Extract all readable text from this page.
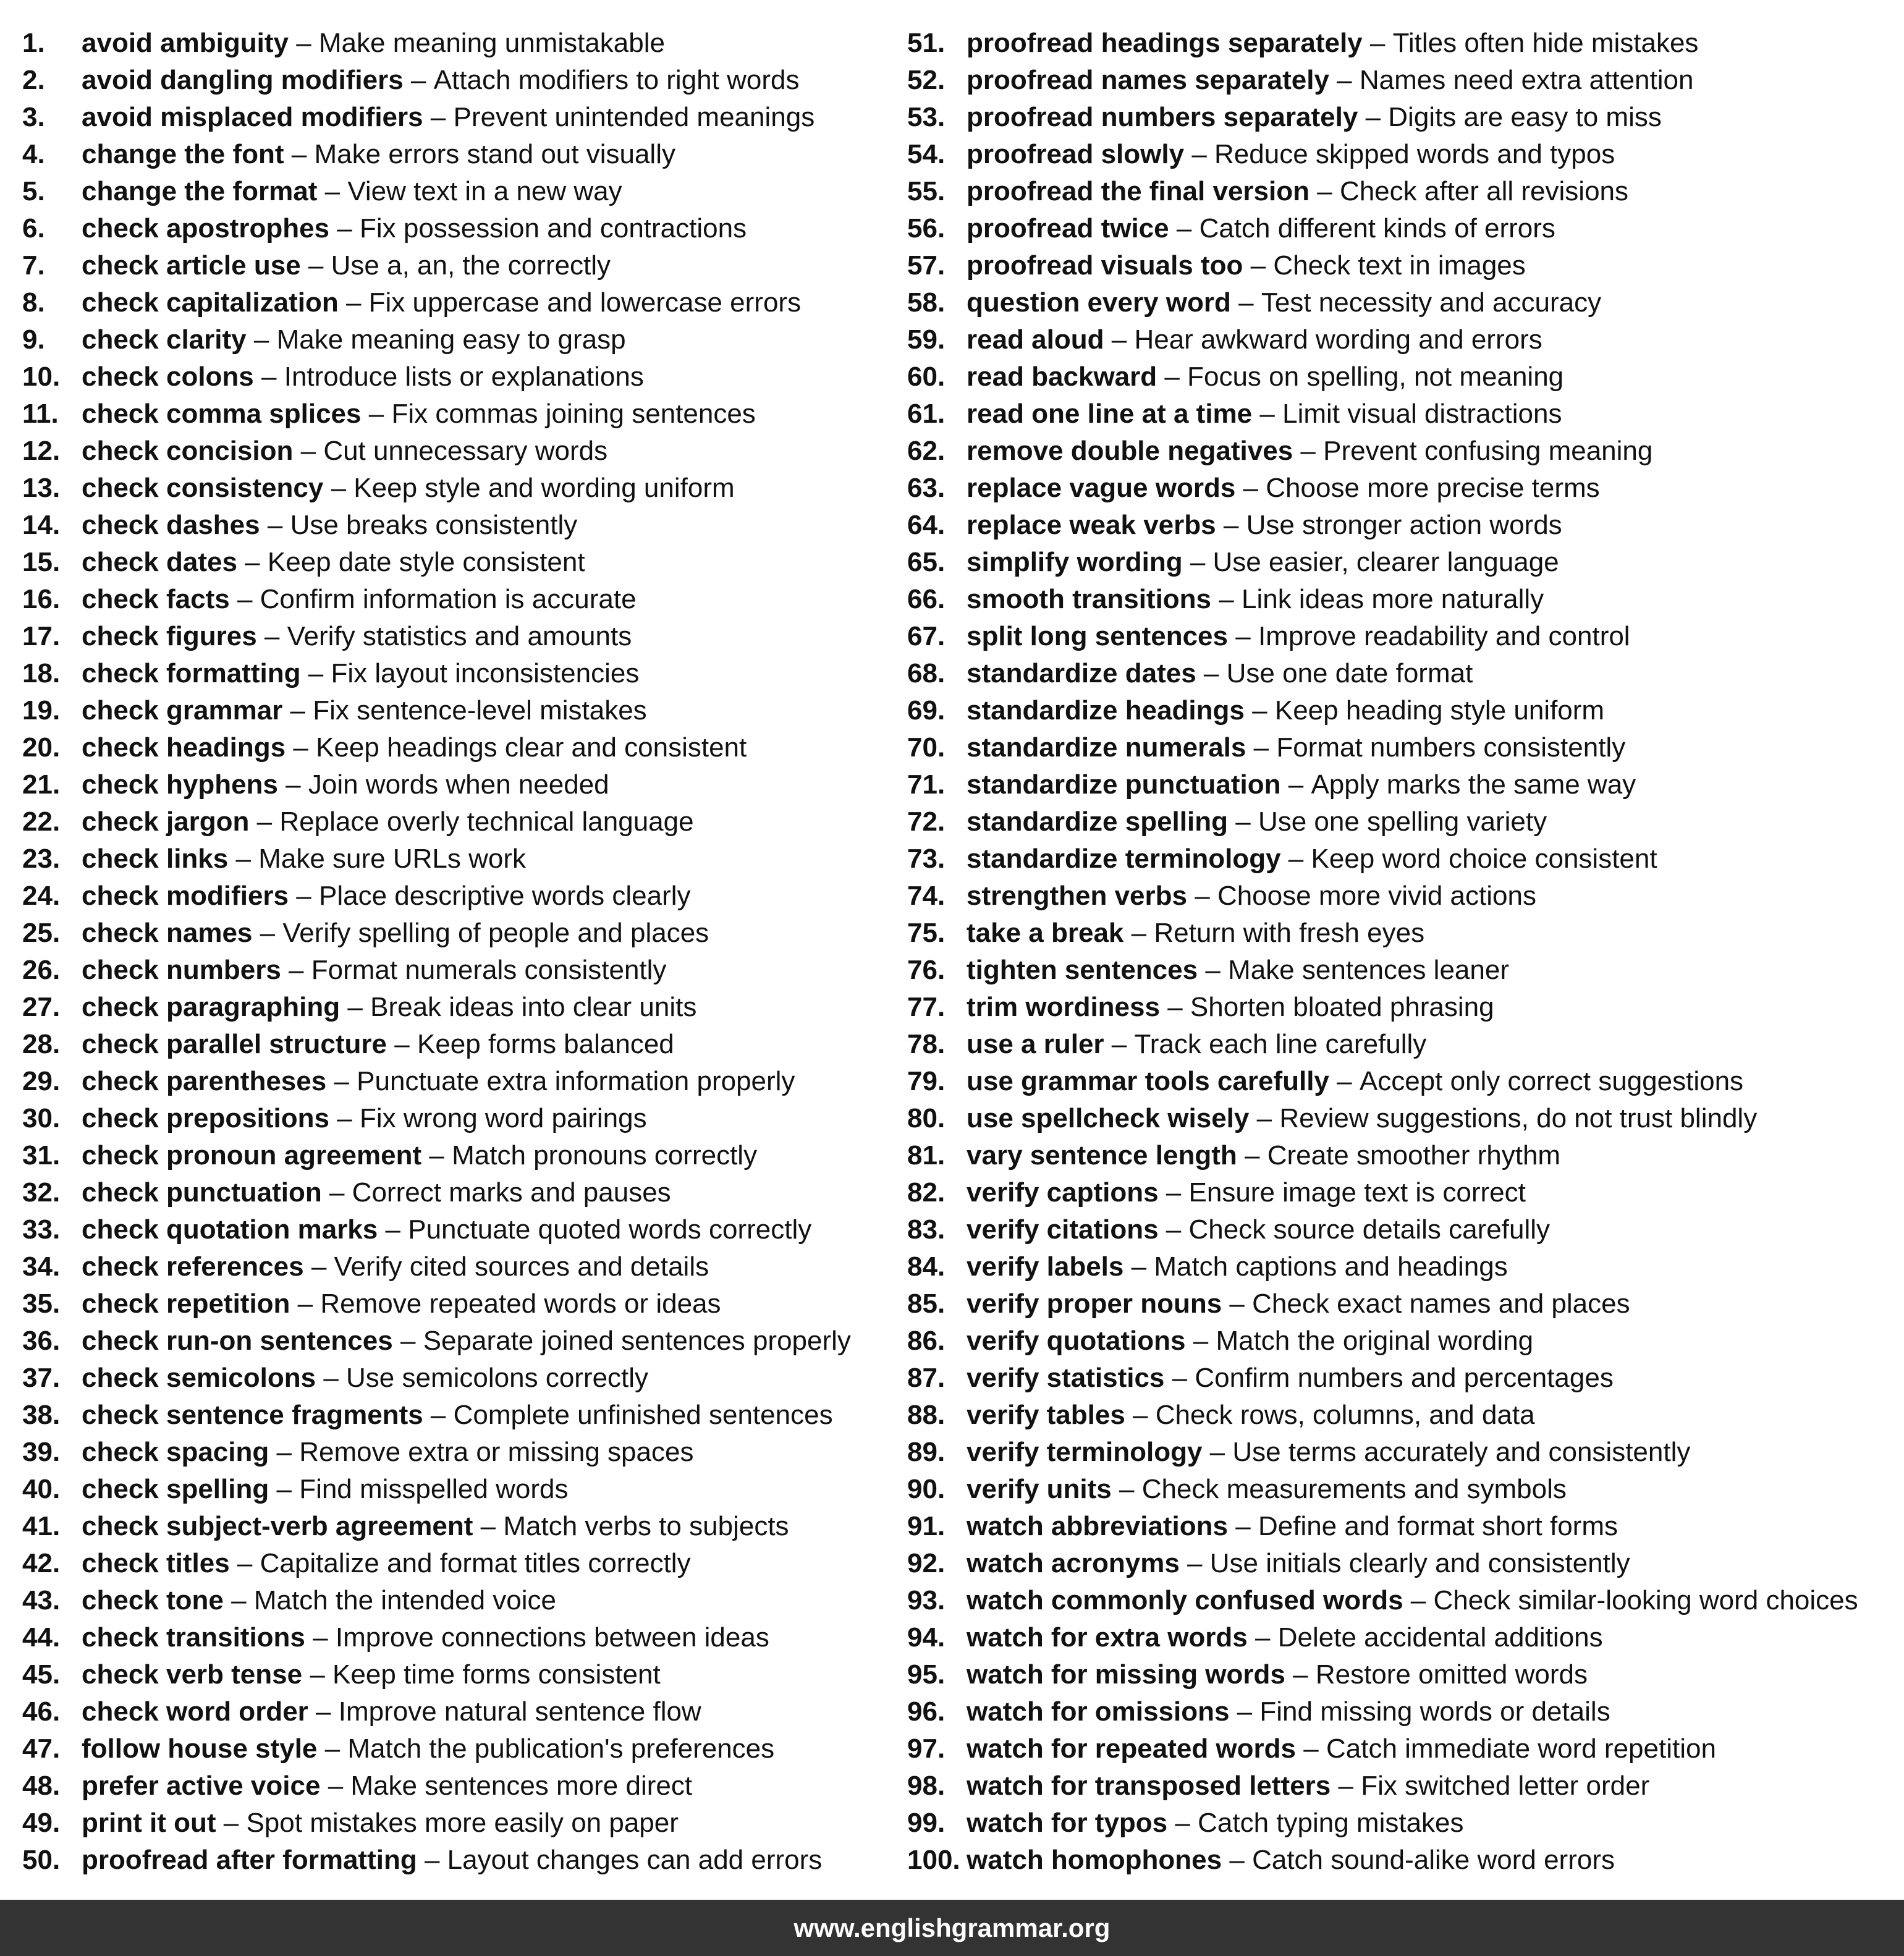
1.	avoid ambiguity
–
Make meaning unmistakable
2.	avoid dangling modifiers
–
Attach modifiers to right words
3.	avoid misplaced modifiers
–
Prevent unintended meanings
4.	change the font
–
Make errors stand out visually
5.	change the format
–
View text in a new way
6.	check apostrophes
–
Fix possession and contractions
7.	check article use
–
Use a, an, the correctly
8.	check capitalization
–
Fix uppercase and lowercase errors
9.	check clarity
–
Make meaning easy to grasp
10. check colons
–
Introduce lists or explanations
11. check comma splices
–
Fix commas joining sentences
12. check concision
–
Cut unnecessary words
13. check consistency
–
Keep style and wording uniform
14. check dashes
–
Use breaks consistently
15. check dates
–
Keep date style consistent
16. check facts
–
Confirm information is accurate
17. check figures
–
Verify statistics and amounts
18. check formatting
–
Fix layout inconsistencies
19. check grammar
–
Fix sentence-level mistakes
20. check headings
–
Keep headings clear and consistent
21. check hyphens
–
Join words when needed
22. check jargon
–
Replace overly technical language
23. check links
–
Make sure URLs work
24. check modifiers
–
Place descriptive words clearly
25. check names
–
Verify spelling of people and places
26. check numbers
–
Format numerals consistently
27. check paragraphing
–
Break ideas into clear units
28. check parallel structure
–
Keep forms balanced
29. check parentheses
–
Punctuate extra information properly
30. check prepositions
–
Fix wrong word pairings
31. check pronoun agreement
–
Match pronouns correctly
32. check punctuation
–
Correct marks and pauses
33. check quotation marks
–
Punctuate quoted words correctly
34. check references
–
Verify cited sources and details
35. check repetition
–
Remove repeated words or ideas
36. check run-on sentences
–
Separate joined sentences properly
37. check semicolons
–
Use semicolons correctly
38. check sentence fragments
–
Complete unfinished sentences
39. check spacing
–
Remove extra or missing spaces
40. check spelling
–
Find misspelled words
41. check subject-verb agreement
–
Match verbs to subjects
42. check titles
–
Capitalize and format titles correctly
43. check tone
–
Match the intended voice
44. check transitions
–
Improve connections between ideas
45. check verb tense
–
Keep time forms consistent
46. check word order
–
Improve natural sentence flow
47. follow house style
–
Match the publication's preferences
48. prefer active voice
–
Make sentences more direct
49. print it out
–
Spot mistakes more easily on paper
50. proofread after formatting
–
Layout changes can add errors
51. proofread headings separately
–
Titles often hide mistakes
52. proofread names separately
–
Names need extra attention
53. proofread numbers separately
–
Digits are easy to miss
54. proofread slowly
–
Reduce skipped words and typos
55. proofread the final version
–
Check after all revisions
56. proofread twice
–
Catch different kinds of errors
57. proofread visuals too
–
Check text in images
58. question every word
–
Test necessity and accuracy
59. read aloud
–
Hear awkward wording and errors
60. read backward
–
Focus on spelling, not meaning
61. read one line at a time
–
Limit visual distractions
62. remove double negatives
–
Prevent confusing meaning
63. replace vague words
–
Choose more precise terms
64. replace weak verbs
–
Use stronger action words
65. simplify wording
–
Use easier, clearer language
66. smooth transitions
–
Link ideas more naturally
67. split long sentences
–
Improve readability and control
68. standardize dates
–
Use one date format
69. standardize headings
–
Keep heading style uniform
70. standardize numerals
–
Format numbers consistently
71. standardize punctuation
–
Apply marks the same way
72. standardize spelling
–
Use one spelling variety
73. standardize terminology
–
Keep word choice consistent
74. strengthen verbs
–
Choose more vivid actions
75. take a break
–
Return with fresh eyes
76. tighten sentences
–
Make sentences leaner
77. trim wordiness
–
Shorten bloated phrasing
78. use a ruler
–
Track each line carefully
79. use grammar tools carefully
–
Accept only correct suggestions
80. use spellcheck wisely
–
Review suggestions, do not trust blindly
81. vary sentence length
–
Create smoother rhythm
82. verify captions
–
Ensure image text is correct
83. verify citations
–
Check source details carefully
84. verify labels
–
Match captions and headings
85. verify proper nouns
–
Check exact names and places
86. verify quotations
–
Match the original wording
87. verify statistics
–
Confirm numbers and percentages
88. verify tables
–
Check rows, columns, and data
89. verify terminology
–
Use terms accurately and consistently
90. verify units
–
Check measurements and symbols
91. watch abbreviations
–
Define and format short forms
92. watch acronyms
–
Use initials clearly and consistently
93. watch commonly confused words
–
Check similar-looking word choices
94. watch for extra words
–
Delete accidental additions
95. watch for missing words
–
Restore omitted words
96. watch for omissions
–
Find missing words or details
97. watch for repeated words
–
Catch immediate word repetition
98. watch for transposed letters
–
Fix switched letter order
99. watch for typos
–
Catch typing mistakes
100. watch homophones
–
Catch sound-alike word errors
www.englishgrammar.org
